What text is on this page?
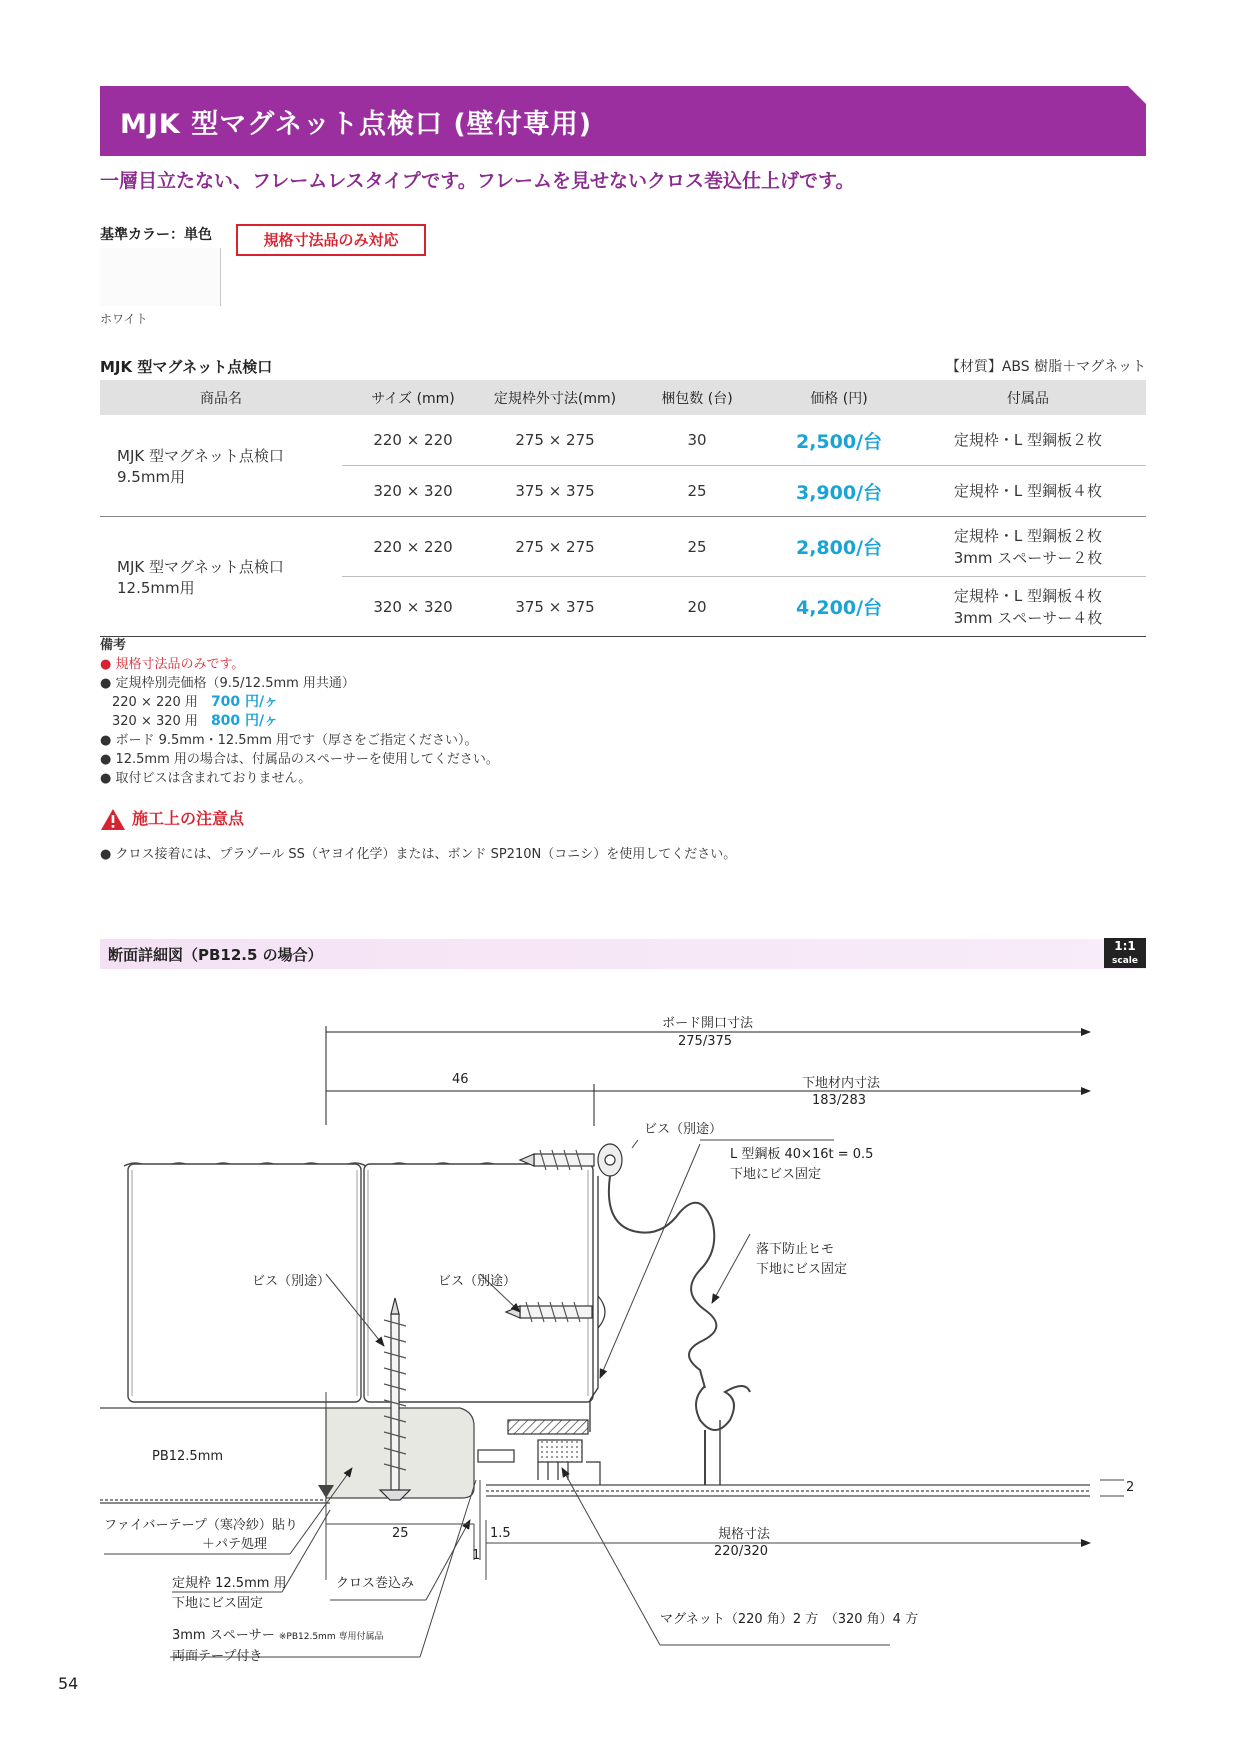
MJK 型マグネット点検口 (壁付専用)
一層目立たない、フレームレスタイプです。フレームを見せないクロス巻込仕上げです。
基準カラー：単色
ホワイト
規格寸法品のみ対応
MJK 型マグネット点検口	【材質】ABS 樹脂＋マグネット
商品名	サイズ (mm)	定規枠外寸法(mm)	梱包数 (台)	価格 (円)	付属品
MJK 型マグネット点検口 9.5mm用	220 × 220	275 × 275	30	2,500/台	定規枠・L 型鋼板２枚
	320 × 320	375 × 375	25	3,900/台	定規枠・L 型鋼板４枚
MJK 型マグネット点検口 12.5mm用	220 × 220	275 × 275	25	2,800/台	定規枠・L 型鋼板２枚
3mm スペーサー２枚
	320 × 320	375 × 375	20	4,200/台	定規枠・L 型鋼板４枚
3mm スペーサー４枚
備考
● 規格寸法品のみです。
● 定規枠別売価格（9.5/12.5mm 用共通）
220 × 220 用　 700 円/ヶ
320 × 320 用　 800 円/ヶ
● ボード 9.5mm・12.5mm 用です（厚さをご指定ください）。
● 12.5mm 用の場合は、付属品のスペーサーを使用してください。
● 取付ビスは含まれておりません。
施工上の注意点
● クロス接着には、プラゾール SS（ヤヨイ化学）または、ボンド SP210N（コニシ）を使用してください。
断面詳細図（PB12.5 の場合）	1:1
scale
ボード開口寸法
275/375
46	下地材内寸法
183/283
ビス（別途）
L 型鋼板 40×16t = 0.5
下地にビス固定
落下防止ヒモ
下地にビス固定
ビス（別途）	ビス（別途）
PB12.5mm
2
ファイバーテープ（寒冷紗）貼り
＋パテ処理
25	1.5
1
規格寸法
220/320
定規枠 12.5mm 用
下地にビス固定
クロス巻込み
3mm スペーサー ※PB12.5mm 専用付属品
両面テープ付き
マグネット（220 角）2 方　（320 角）4 方
54
